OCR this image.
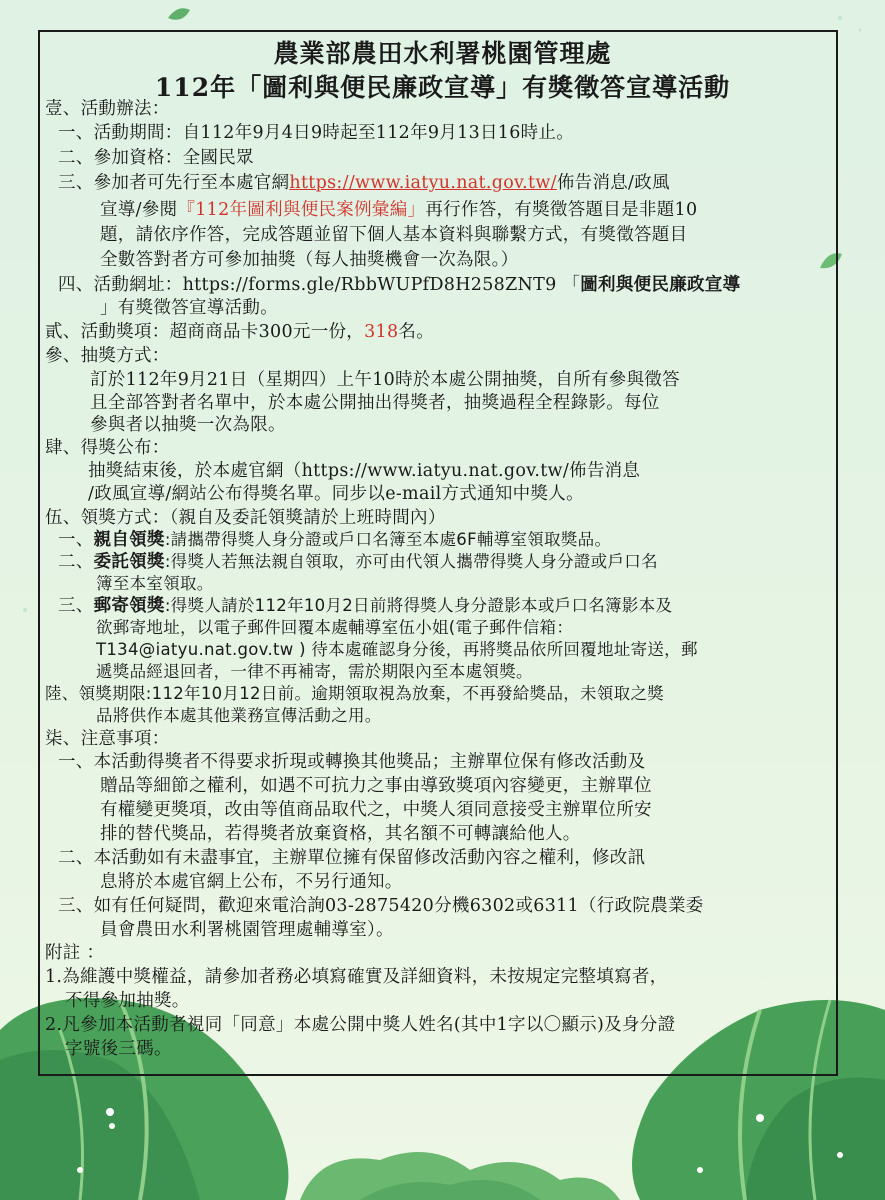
農業部農田水利署桃園管理處
112年「圖利與便民廉政宣導」有獎徵答宣導活動
壹、活動辦法：
一、活動期間：自112年9月4日9時起至112年9月13日16時止。
二、參加資格：全國民眾
三、參加者可先行至本處官網https://www.iatyu.nat.gov.tw/佈告消息/政風
宣導/參閱『112年圖利與便民案例彙編」再行作答，有獎徵答題目是非題10
題，請依序作答，完成答題並留下個人基本資料與聯繫方式，有獎徵答題目
全數答對者方可參加抽獎（每人抽獎機會一次為限。）
四、活動網址：https://forms.gle/RbbWUPfD8H258ZNT9 「圖利與便民廉政宣導
」有獎徵答宣導活動。
貳、活動獎項：超商商品卡300元一份，318名。
參、抽獎方式：
訂於112年9月21日（星期四）上午10時於本處公開抽獎，自所有參與徵答
且全部答對者名單中，於本處公開抽出得獎者，抽獎過程全程錄影。每位
參與者以抽獎一次為限。
肆、得獎公布：
抽獎結束後，於本處官網（https://www.iatyu.nat.gov.tw/佈告消息
/政風宣導/網站公布得獎名單。同步以e-mail方式通知中獎人。
伍、領獎方式：（親自及委託領獎請於上班時間內）
一、親自領獎:請攜帶得獎人身分證或戶口名簿至本處6F輔導室領取獎品。
二、委託領獎:得獎人若無法親自領取，亦可由代領人攜帶得獎人身分證或戶口名
簿至本室領取。
三、郵寄領獎:得獎人請於112年10月2日前將得獎人身分證影本或戶口名簿影本及
欲郵寄地址，以電子郵件回覆本處輔導室伍小姐(電子郵件信箱：
T134@iatyu.nat.gov.tw ) 待本處確認身分後，再將獎品依所回覆地址寄送，郵
遞獎品經退回者，一律不再補寄，需於期限內至本處領獎。
陸、領獎期限:112年10月12日前。逾期領取視為放棄，不再發給獎品，未領取之獎
品將供作本處其他業務宣傳活動之用。
柒、注意事項：
一、本活動得獎者不得要求折現或轉換其他獎品；主辦單位保有修改活動及
贈品等細節之權利，如遇不可抗力之事由導致獎項內容變更，主辦單位
有權變更獎項，改由等值商品取代之，中獎人須同意接受主辦單位所安
排的替代獎品，若得獎者放棄資格，其名額不可轉讓給他人。
二、本活動如有未盡事宜，主辦單位擁有保留修改活動內容之權利，修改訊
息將於本處官網上公布，不另行通知。
三、如有任何疑問，歡迎來電洽詢03-2875420分機6302或6311（行政院農業委
員會農田水利署桃園管理處輔導室）。
附註 ：
1.為維護中獎權益，請參加者務必填寫確實及詳細資料，未按規定完整填寫者，
不得參加抽獎。
2.凡參加本活動者視同「同意」本處公開中獎人姓名(其中1字以〇顯示)及身分證
字號後三碼。
